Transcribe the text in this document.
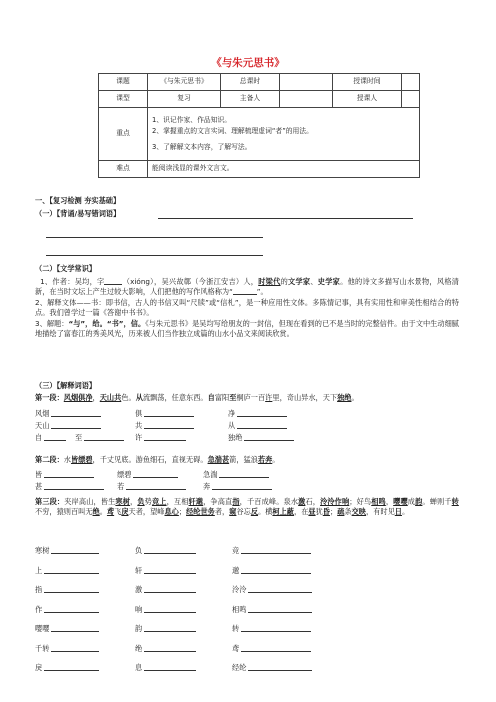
《与朱元思书》
课题	《与朱元思书》	总课时		授课时间	
课型	复习	主备人		授课人	
重点	1、识记作家、作品知识。
2、掌握重点的文言实词、理解梳理虚词“者”的用法。
3、了解解文本内容，了解写法。				

难点	能阅读浅显的课外文言文。				
一、【复习检测 夯实基础】
（一）【背诵/易写错词语】
（二）【文学常识】

1、作者：吴均，字	（xióng），吴兴故鄣（今浙江安吉）人，时梁代的文学家、史学家。他的诗文多描写山水景物，风格清新，在当时文坛上产生过较大影响，人们把他的写作风格称为“	”。

2、解释文体——书：即书信，古人的书信又叫“尺牍”或“信札”，是一种应用性文体。多陈情记事，具有实用性和审美性相结合的特点。我们曾学过一篇《答谢中书书》。

3、解题：“与”，给。“书”，信。《与朱元思书》是吴均写给朋友的一封信，但现在看到的已不是当时的完整信件。由于文中生动细腻地描绘了富春江的秀美风光，历来被人们当作独立成篇的山水小品文来阅读欣赏。

（三）【解释词语】
第一段：风烟俱净，天山共色。从流飘荡，任意东西。自富阳至桐庐一百许里，奇山异水，天下独绝。
风烟	俱	净
天山	共	从
自	至	许	独绝
第二段：水皆缥碧，千丈见底。游鱼细石，直视无碍。急湍甚箭，猛浪若奔。
皆	缥碧	急湍
甚	若	奔
第三段：夹岸高山，皆生寒树，负势竞上，互相轩邈，争高直指，千百成峰。泉水激石，泠泠作响；好鸟相鸣，嘤嘤成韵。蝉则千转不穷，猿则百叫无绝。鸢飞戾天者，望峰息心；经纶世务者，窥谷忘反。横柯上蔽，在昼犹昏；疏条交映，有时见日。
寒树	负	竞
上	轩	邈
指	激	泠泠
作	响	相鸣
嘤嘤	韵	转
千转	绝	鸢
戾	息	经纶
